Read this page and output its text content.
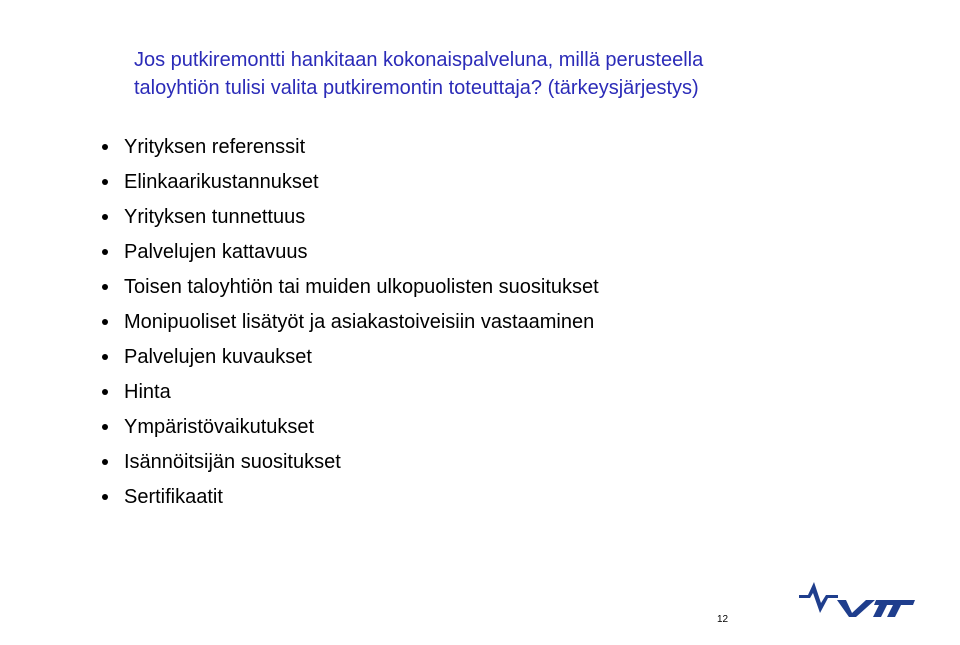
Jos putkiremontti hankitaan kokonaispalveluna, millä perusteella
taloyhtiön tulisi valita putkiremontin toteuttaja? (tärkeysjärjestys)
Yrityksen referenssit
Elinkaarikustannukset
Yrityksen tunnettuus
Palvelujen kattavuus
Toisen taloyhtiön tai muiden ulkopuolisten suositukset
Monipuoliset lisätyöt ja asiakastoiveisiin vastaaminen
Palvelujen kuvaukset
Hinta
Ympäristövaikutukset
Isännöitsijän suositukset
Sertifikaatit
12
